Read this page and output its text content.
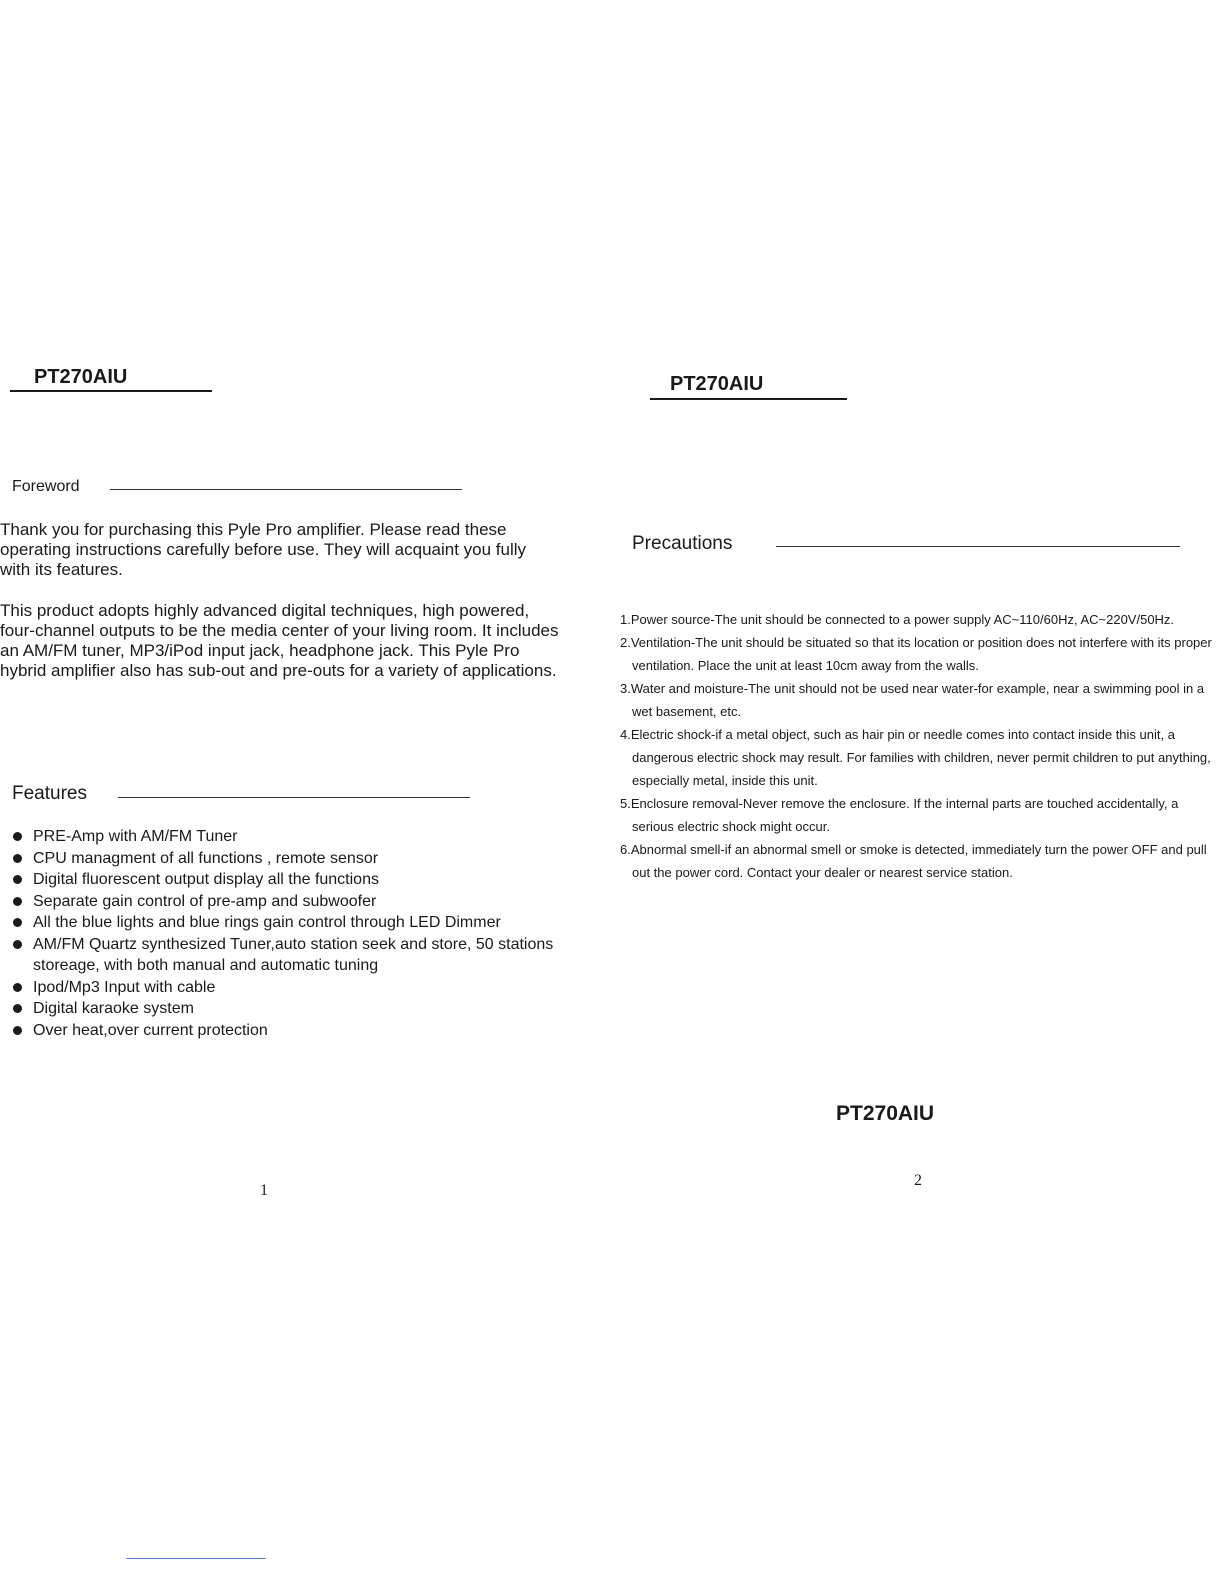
PT270AIU
Foreword
Thank you for purchasing this Pyle Pro amplifier. Please read these operating instructions carefully before use. They will acquaint you fully with its features.
This product adopts highly advanced digital techniques, high powered, four-channel outputs to be the media center of your living room. It includes an AM/FM tuner, MP3/iPod input jack, headphone jack. This Pyle Pro hybrid amplifier also has sub-out and pre-outs for a variety of applications.
Features
PRE-Amp with AM/FM Tuner
CPU managment of all functions , remote sensor
Digital fluorescent output display all the functions
Separate gain control of pre-amp and subwoofer
All the blue lights and blue rings gain control through LED Dimmer
AM/FM Quartz synthesized Tuner,auto station seek and store, 50 stations storeage, with both manual and automatic tuning
Ipod/Mp3 Input with cable
Digital karaoke system
Over heat,over current protection
1
PT270AIU
Precautions
1.Power source-The unit should be connected to a power supply AC~110/60Hz, AC~220V/50Hz.
2.Ventilation-The unit should be situated so that its location or position does not interfere with its proper ventilation. Place the unit at least 10cm away from the walls.
3.Water and moisture-The unit should not be used near water-for example, near a swimming pool in a wet basement, etc.
4.Electric shock-if a metal object, such as hair pin or needle comes into contact inside this unit, a dangerous electric shock may result. For families with children, never permit children to put anything, especially metal, inside this unit.
5.Enclosure removal-Never remove the enclosure. If the internal parts are touched accidentally, a serious electric shock might occur.
6.Abnormal smell-if an abnormal smell or smoke is detected, immediately turn the power OFF and pull out the power cord. Contact your dealer or nearest service station.
PT270AIU
2
